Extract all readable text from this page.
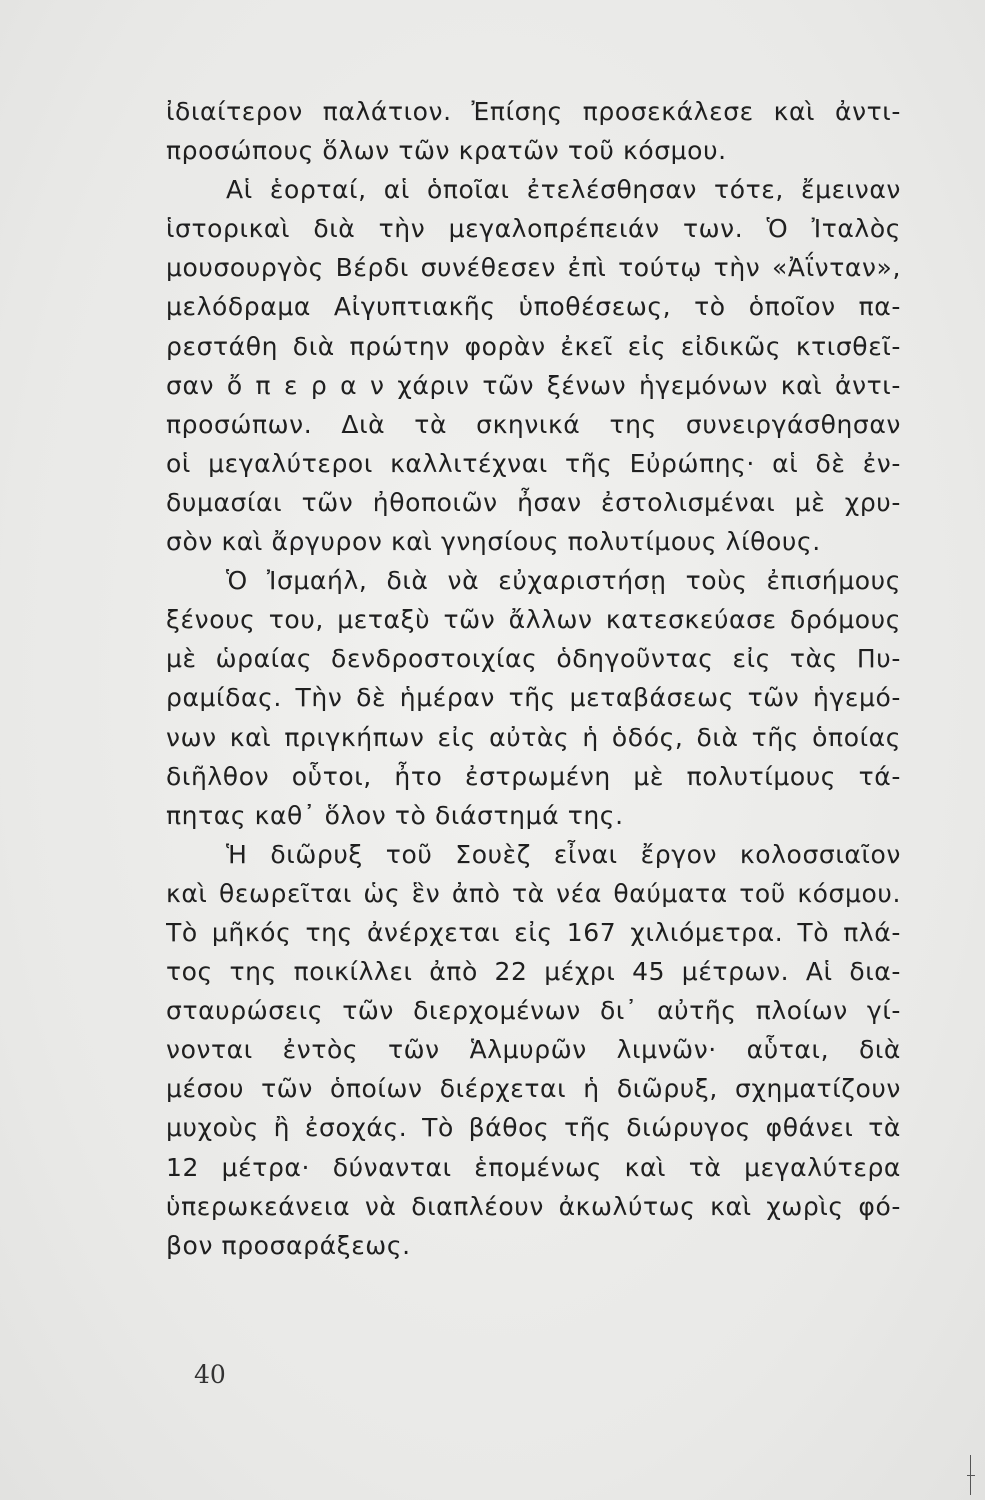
ἰδιαίτερον παλάτιον. Ἐπίσης προσεκάλεσε καὶ ἀντι-
προσώπους ὅλων τῶν κρατῶν τοῦ κόσμου.
Αἱ ἑορταί, αἱ ὁποῖαι ἐτελέσθησαν τότε, ἔμειναν
ἱστορικαὶ διὰ τὴν μεγαλοπρέπειάν των. Ὁ Ἰταλὸς
μουσουργὸς Βέρδι συνέθεσεν ἐπὶ τούτῳ τὴν «Ἀΐνταν»,
μελόδραμα Αἰγυπτιακῆς ὑποθέσεως, τὸ ὁποῖον πα-
ρεστάθη διὰ πρώτην φορὰν ἐκεῖ εἰς εἰδικῶς κτισθεῖ-
σαν ὄ π ε ρ α ν χάριν τῶν ξένων ἡγεμόνων καὶ ἀντι-
προσώπων. Διὰ τὰ σκηνικά της συνειργάσθησαν
οἱ μεγαλύτεροι καλλιτέχναι τῆς Εὐρώπης· αἱ δὲ ἐν-
δυμασίαι τῶν ἠθοποιῶν ἦσαν ἐστολισμέναι μὲ χρυ-
σὸν καὶ ἄργυρον καὶ γνησίους πολυτίμους λίθους.
Ὁ Ἰσμαήλ, διὰ νὰ εὐχαριστήσῃ τοὺς ἐπισήμους
ξένους του, μεταξὺ τῶν ἄλλων κατεσκεύασε δρόμους
μὲ ὡραίας δενδροστοιχίας ὁδηγοῦντας εἰς τὰς Πυ-
ραμίδας. Τὴν δὲ ἡμέραν τῆς μεταβάσεως τῶν ἡγεμό-
νων καὶ πριγκήπων εἰς αὐτὰς ἡ ὁδός, διὰ τῆς ὁποίας
διῆλθον οὗτοι, ἦτο ἐστρωμένη μὲ πολυτίμους τά-
πητας καθ᾽ ὅλον τὸ διάστημά της.
Ἡ διῶρυξ τοῦ Σουὲζ εἶναι ἔργον κολοσσιαῖον
καὶ θεωρεῖται ὡς ἓν ἀπὸ τὰ νέα θαύματα τοῦ κόσμου.
Τὸ μῆκός της ἀνέρχεται εἰς 167 χιλιόμετρα. Τὸ πλά-
τος της ποικίλλει ἀπὸ 22 μέχρι 45 μέτρων. Αἱ δια-
σταυρώσεις τῶν διερχομένων δι᾽ αὐτῆς πλοίων γί-
νονται ἐντὸς τῶν Ἁλμυρῶν λιμνῶν· αὗται, διὰ
μέσου τῶν ὁποίων διέρχεται ἡ διῶρυξ, σχηματίζουν
μυχοὺς ἢ ἐσοχάς. Τὸ βάθος τῆς διώρυγος φθάνει τὰ
12 μέτρα· δύνανται ἑπομένως καὶ τὰ μεγαλύτερα
ὑπερωκεάνεια νὰ διαπλέουν ἀκωλύτως καὶ χωρὶς φό-
βον προσαράξεως.
40
